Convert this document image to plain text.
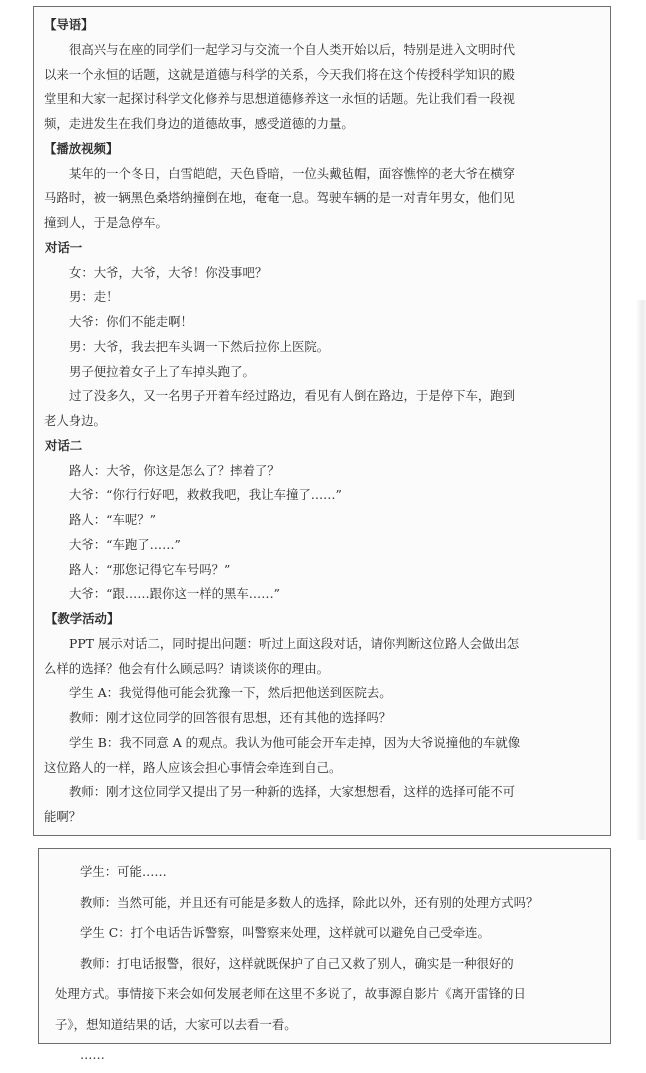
【导语】
很高兴与在座的同学们一起学习与交流一个自人类开始以后，特别是进入文明时代
以来一个永恒的话题，这就是道德与科学的关系，今天我们将在这个传授科学知识的殿
堂里和大家一起探讨科学文化修养与思想道德修养这一永恒的话题。先让我们看一段视
频，走进发生在我们身边的道德故事，感受道德的力量。
【播放视频】
某年的一个冬日，白雪皑皑，天色昏暗，一位头戴毡帽，面容憔悴的老大爷在横穿
马路时，被一辆黑色桑塔纳撞倒在地，奄奄一息。驾驶车辆的是一对青年男女，他们见
撞到人，于是急停车。
对话一
女：大爷，大爷，大爷！你没事吧？
男：走！
大爷：你们不能走啊！
男：大爷，我去把车头调一下然后拉你上医院。
男子便拉着女子上了车掉头跑了。
过了没多久，又一名男子开着车经过路边，看见有人倒在路边，于是停下车，跑到
老人身边。
对话二
路人：大爷，你这是怎么了？摔着了？
大爷：“你行行好吧，救救我吧，我让车撞了……”
路人：“车呢？”
大爷：“车跑了……”
路人：“那您记得它车号吗？”
大爷：“跟……跟你这一样的黑车……”
【教学活动】
PPT 展示对话二，同时提出问题：听过上面这段对话，请你判断这位路人会做出怎
么样的选择？他会有什么顾忌吗？请谈谈你的理由。
学生 A：我觉得他可能会犹豫一下，然后把他送到医院去。
教师：刚才这位同学的回答很有思想，还有其他的选择吗？
学生 B：我不同意 A 的观点。我认为他可能会开车走掉，因为大爷说撞他的车就像
这位路人的一样，路人应该会担心事情会牵连到自己。
教师：刚才这位同学又提出了另一种新的选择，大家想想看，这样的选择可能不可
能啊？
学生：可能……
教师：当然可能，并且还有可能是多数人的选择，除此以外，还有别的处理方式吗？
学生 C：打个电话告诉警察，叫警察来处理，这样就可以避免自己受牵连。
教师：打电话报警，很好，这样就既保护了自己又救了别人，确实是一种很好的
处理方式。事情接下来会如何发展老师在这里不多说了，故事源自影片《离开雷锋的日
子》，想知道结果的话，大家可以去看一看。
……
